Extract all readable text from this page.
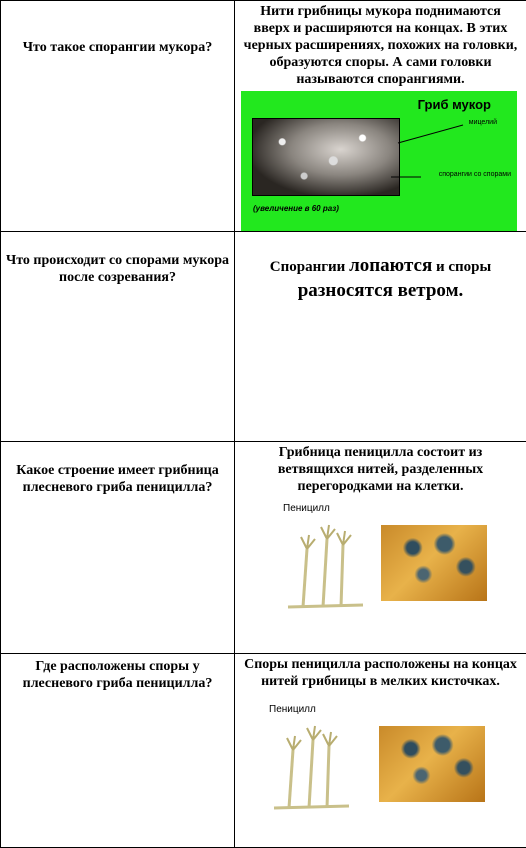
Что такое спорангии мукора?	Нити грибницы мукора поднимаются вверх и расширяются на концах. В этих черных расширениях, похожих на головки, образуются споры. А сами головки называются спорангиями.
Гриб мукор
мицелий
спорангии со спорами
(увеличение в 60 раз)

Что происходит со спорами мукора после созревания?	Спорангии лопаются и споры
разносятся ветром.

Какое строение имеет грибница плесневого гриба пеницилла?	Грибница пеницилла состоит из ветвящихся нитей, разделенных перегородками на клетки.
Пеницилл

Где расположены споры у плесневого гриба пеницилла?	Споры пеницилла расположены на концах нитей грибницы в мелких кисточках.
Пеницилл
